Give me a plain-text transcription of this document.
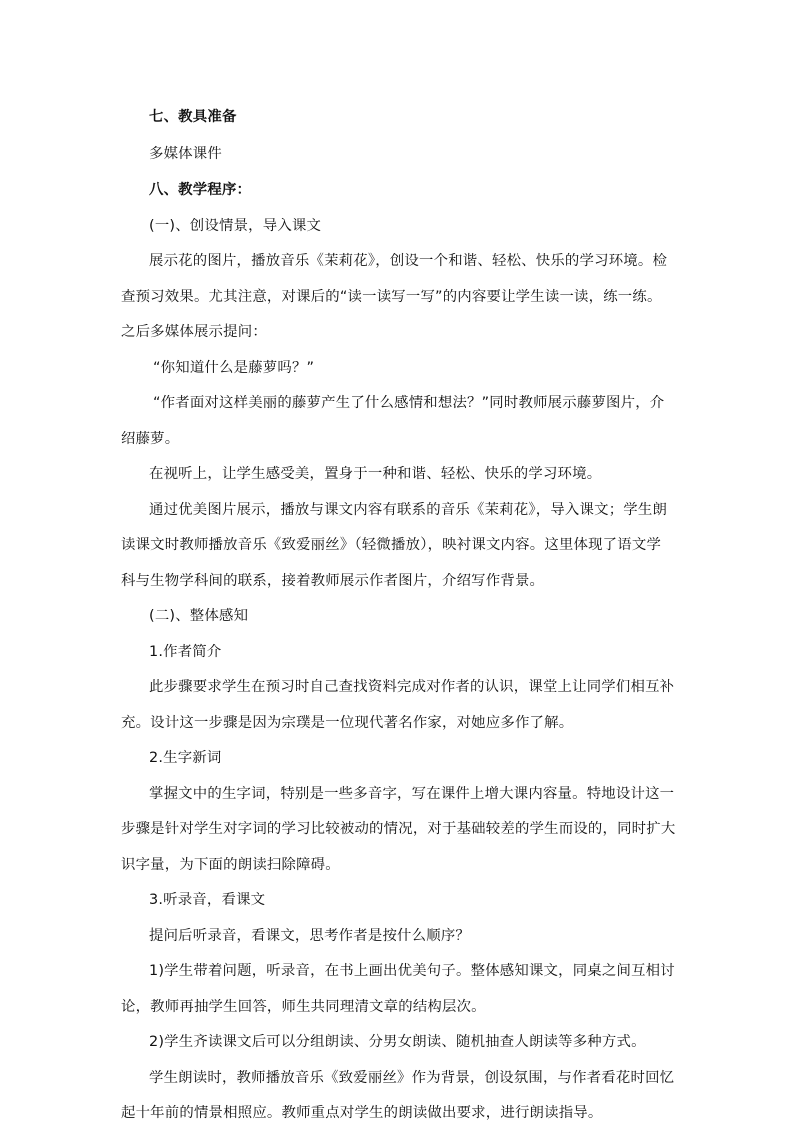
七、教具准备

多媒体课件

八、教学程序：

(一)、创设情景，导入课文

展示花的图片，播放音乐《茉莉花》，创设一个和谐、轻松、快乐的学习环境。检

查预习效果。尤其注意，对课后的“读一读写一写”的内容要让学生读一读，练一练。

之后多媒体展示提问：

“你知道什么是藤萝吗？”

“作者面对这样美丽的藤萝产生了什么感情和想法？”同时教师展示藤萝图片，介

绍藤萝。

在视听上，让学生感受美，置身于一种和谐、轻松、快乐的学习环境。

通过优美图片展示，播放与课文内容有联系的音乐《茉莉花》，导入课文；学生朗

读课文时教师播放音乐《致爱丽丝》（轻微播放），映衬课文内容。这里体现了语文学

科与生物学科间的联系，接着教师展示作者图片，介绍写作背景。

(二)、整体感知

1.作者简介

此步骤要求学生在预习时自己查找资料完成对作者的认识，课堂上让同学们相互补

充。设计这一步骤是因为宗璞是一位现代著名作家，对她应多作了解。

2.生字新词

掌握文中的生字词，特别是一些多音字，写在课件上增大课内容量。特地设计这一

步骤是针对学生对字词的学习比较被动的情况，对于基础较差的学生而设的，同时扩大

识字量，为下面的朗读扫除障碍。

3.听录音，看课文

提问后听录音，看课文，思考作者是按什么顺序？

1)学生带着问题，听录音，在书上画出优美句子。整体感知课文，同桌之间互相讨

论，教师再抽学生回答，师生共同理清文章的结构层次。

2)学生齐读课文后可以分组朗读、分男女朗读、随机抽查人朗读等多种方式。

学生朗读时，教师播放音乐《致爱丽丝》作为背景，创设氛围，与作者看花时回忆

起十年前的情景相照应。教师重点对学生的朗读做出要求，进行朗读指导。
